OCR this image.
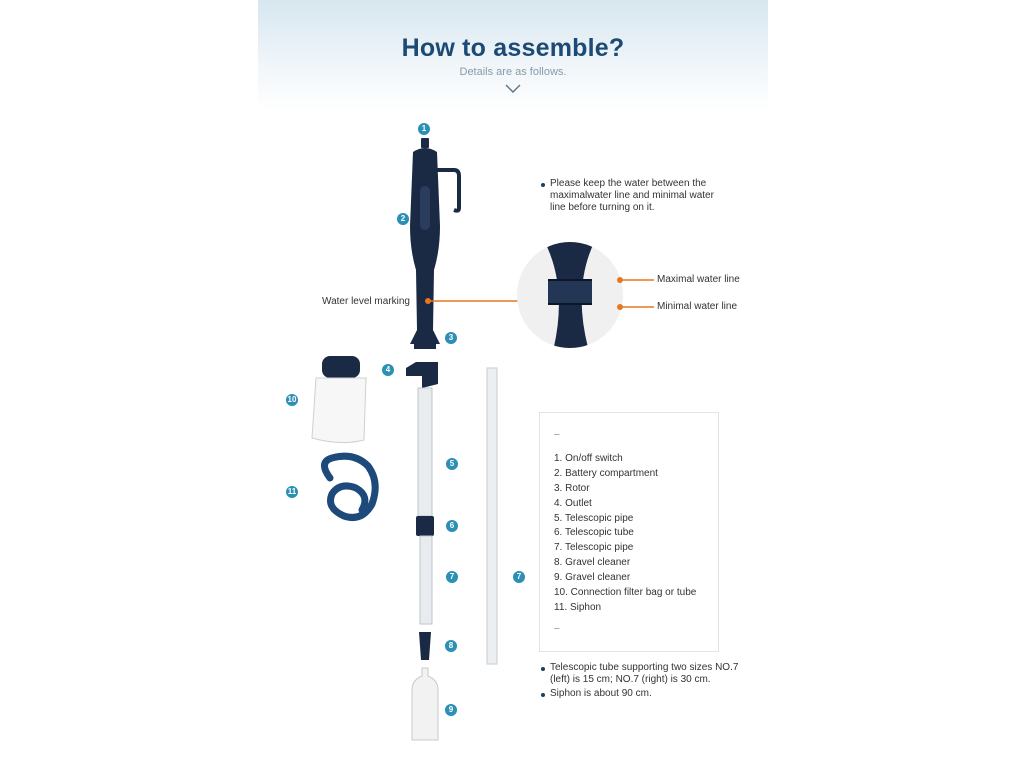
How to assemble?
Details are as follows.
1
2
3
4
5
6
7	7
8
9
10
11
Water level marking
Maximal water line
Minimal water line
Please keep the water between the maximalwater line and minimal water line before turning on it.
–
1. On/off switch
2. Battery compartment
3. Rotor
4. Outlet
5. Telescopic pipe
6. Telescopic tube
7. Telescopic pipe
8. Gravel cleaner
9. Gravel cleaner
10. Connection filter bag or tube
11. Siphon
–
Telescopic tube supporting two sizes NO.7 (left) is 15 cm; NO.7 (right) is 30 cm.
Siphon is about 90 cm.
